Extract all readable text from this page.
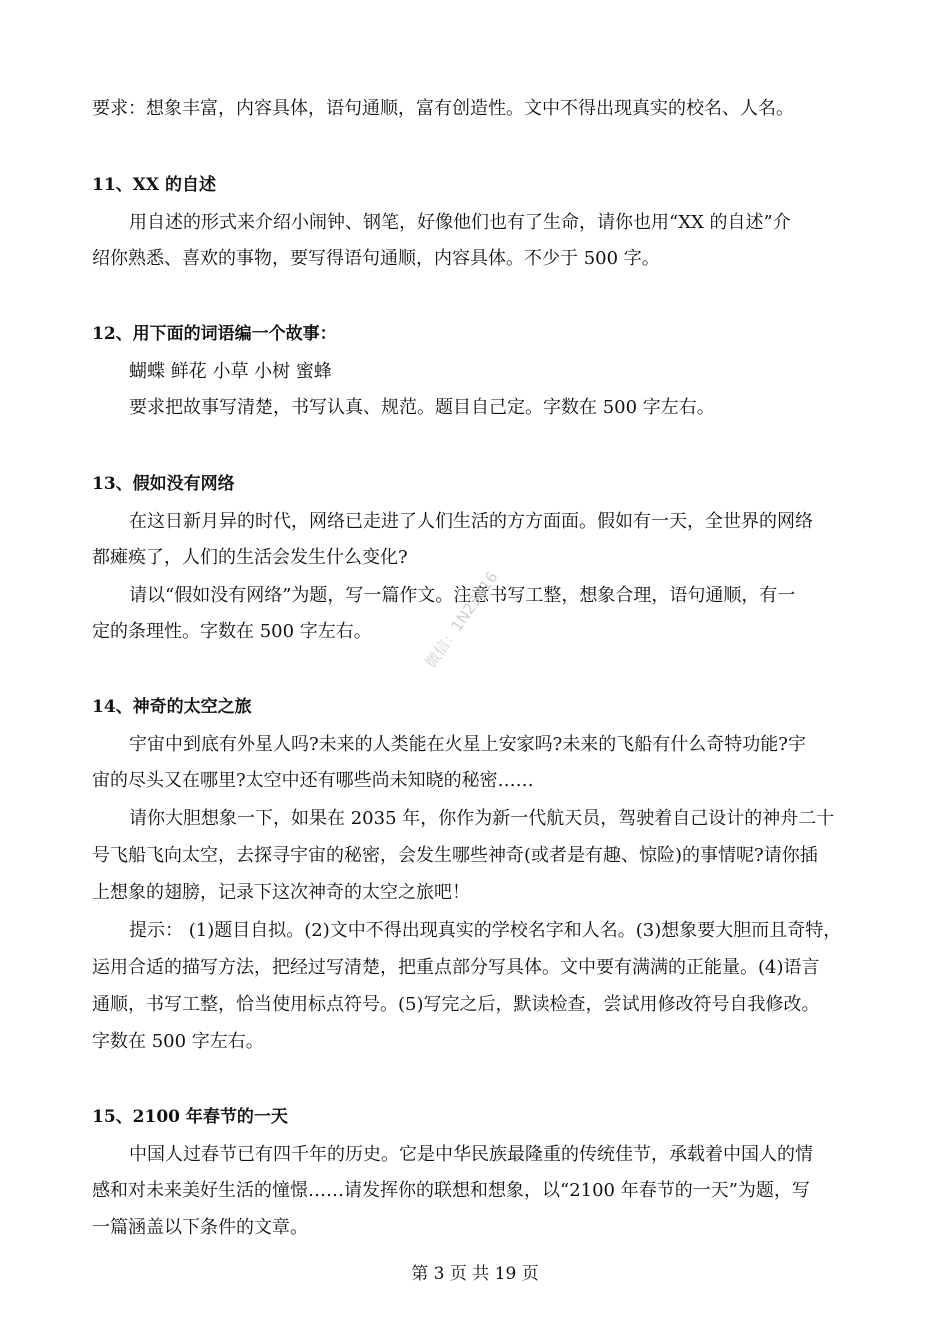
要求：想象丰富，内容具体，语句通顺，富有创造性。文中不得出现真实的校名、人名。
11、XX 的自述
用自述的形式来介绍小闹钟、钢笔，好像他们也有了生命，请你也用“XX 的自述”介
绍你熟悉、喜欢的事物，要写得语句通顺，内容具体。不少于 500 字。
12、用下面的词语编一个故事：
蝴蝶 鲜花 小草 小树 蜜蜂
要求把故事写清楚，书写认真、规范。题目自己定。字数在 500 字左右。
13、假如没有网络
在这日新月异的时代，网络已走进了人们生活的方方面面。假如有一天，全世界的网络
都瘫痪了，人们的生活会发生什么变化?
请以“假如没有网络”为题，写一篇作文。注意书写工整，想象合理，语句通顺，有一
定的条理性。字数在 500 字左右。
14、神奇的太空之旅
宇宙中到底有外星人吗?未来的人类能在火星上安家吗?未来的飞船有什么奇特功能?宇
宙的尽头又在哪里?太空中还有哪些尚未知晓的秘密……
请你大胆想象一下，如果在 2035 年，你作为新一代航天员，驾驶着自己设计的神舟二十
号飞船飞向太空，去探寻宇宙的秘密，会发生哪些神奇(或者是有趣、惊险)的事情呢?请你插
上想象的翅膀，记录下这次神奇的太空之旅吧！
提示： (1)题目自拟。(2)文中不得出现真实的学校名字和人名。(3)想象要大胆而且奇特，
运用合适的描写方法，把经过写清楚，把重点部分写具体。文中要有满满的正能量。(4)语言
通顺，书写工整，恰当使用标点符号。(5)写完之后，默读检查，尝试用修改符号自我修改。
字数在 500 字左右。
15、2100 年春节的一天
中国人过春节已有四千年的历史。它是中华民族最隆重的传统佳节，承载着中国人的情
感和对未来美好生活的憧憬……请发挥你的联想和想象，以“2100 年春节的一天”为题，写
一篇涵盖以下条件的文章。
微信：1N23316
第 3 页 共 19 页
